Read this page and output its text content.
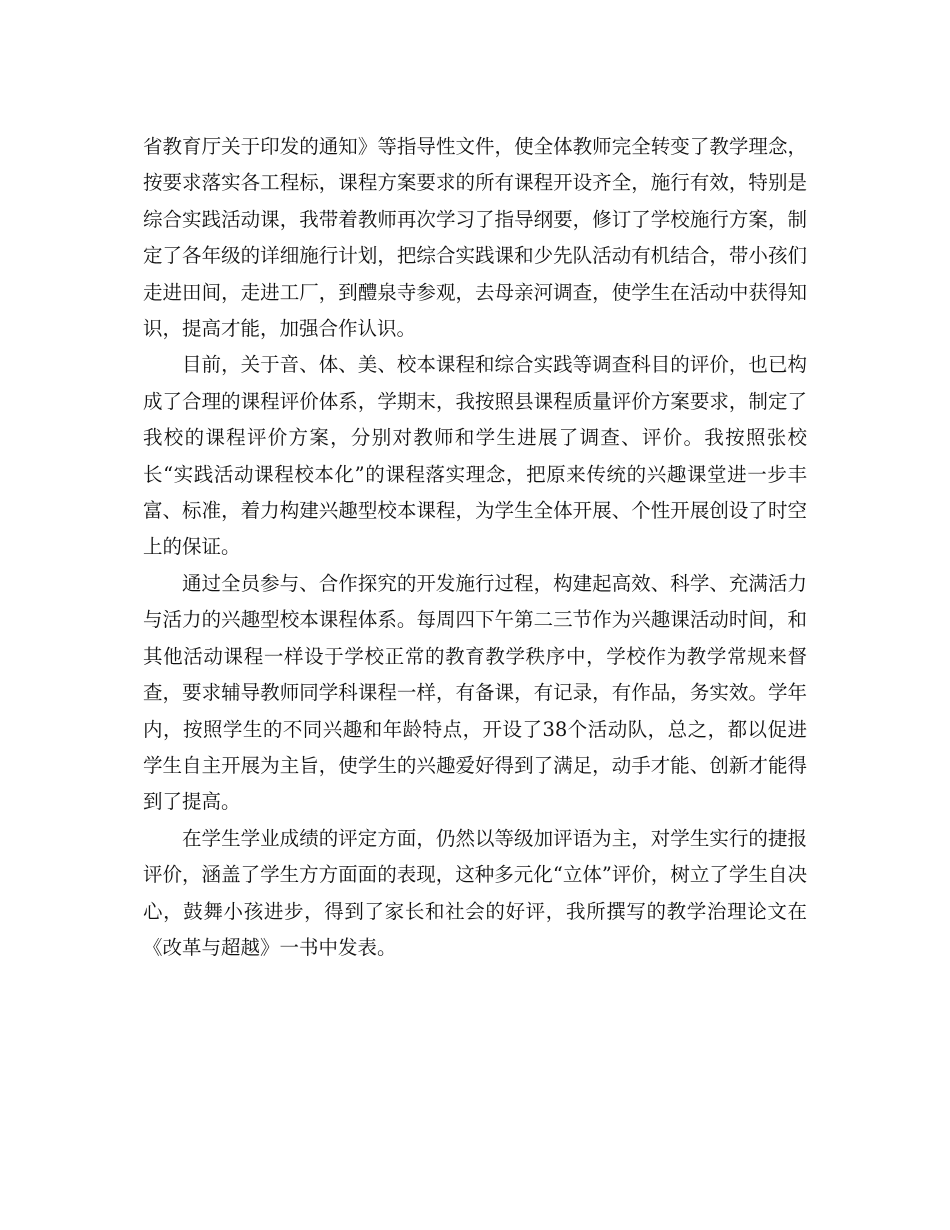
省教育厅关于印发的通知》等指导性文件，使全体教师完全转变了教学理念，按要求落实各工程标，课程方案要求的所有课程开设齐全，施行有效，特别是综合实践活动课，我带着教师再次学习了指导纲要，修订了学校施行方案，制定了各年级的详细施行计划，把综合实践课和少先队活动有机结合，带小孩们走进田间，走进工厂，到醴泉寺参观，去母亲河调查，使学生在活动中获得知识，提高才能，加强合作认识。

目前，关于音、体、美、校本课程和综合实践等调查科目的评价，也已构成了合理的课程评价体系，学期末，我按照县课程质量评价方案要求，制定了我校的课程评价方案，分别对教师和学生进展了调查、评价。我按照张校长“实践活动课程校本化”的课程落实理念，把原来传统的兴趣课堂进一步丰富、标准，着力构建兴趣型校本课程，为学生全体开展、个性开展创设了时空上的保证。

通过全员参与、合作探究的开发施行过程，构建起高效、科学、充满活力与活力的兴趣型校本课程体系。每周四下午第二三节作为兴趣课活动时间，和其他活动课程一样设于学校正常的教育教学秩序中，学校作为教学常规来督查，要求辅导教师同学科课程一样，有备课，有记录，有作品，务实效。学年内，按照学生的不同兴趣和年龄特点，开设了38个活动队，总之，都以促进学生自主开展为主旨，使学生的兴趣爱好得到了满足，动手才能、创新才能得到了提高。

在学生学业成绩的评定方面，仍然以等级加评语为主，对学生实行的捷报评价，涵盖了学生方方面面的表现，这种多元化“立体”评价，树立了学生自决心，鼓舞小孩进步，得到了家长和社会的好评，我所撰写的教学治理论文在《改革与超越》一书中发表。
